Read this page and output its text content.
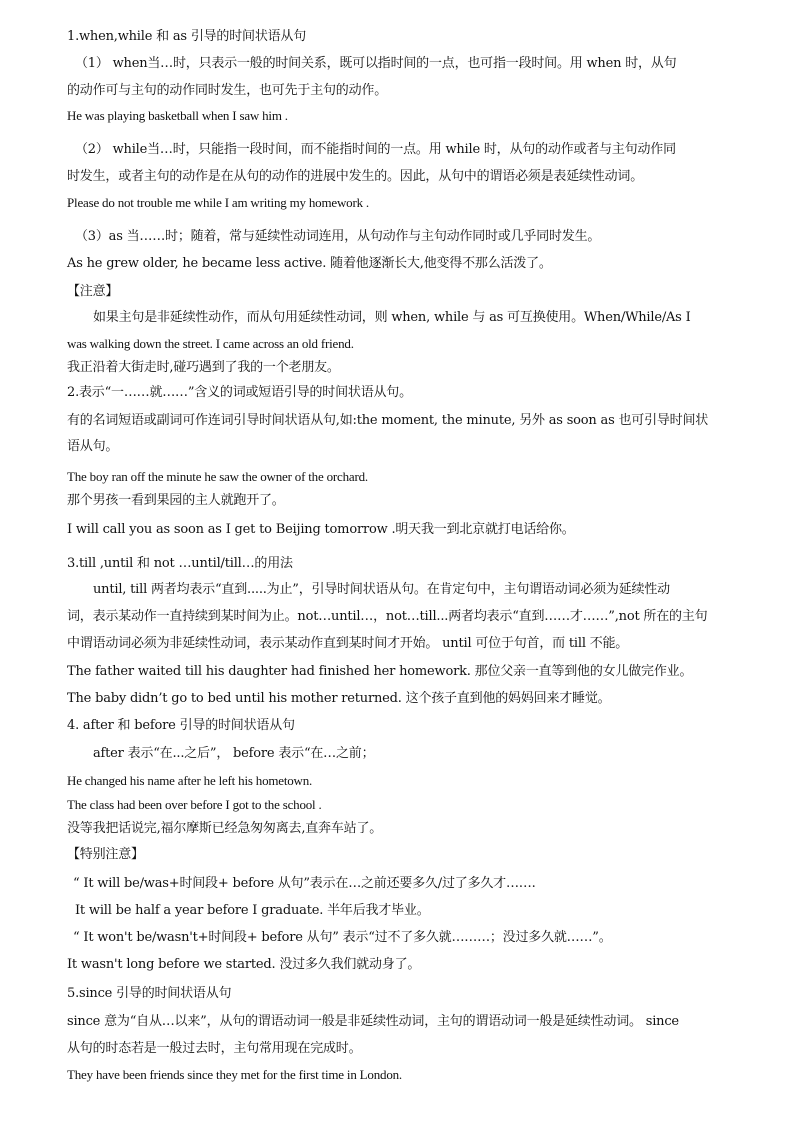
1.when,while 和 as 引导的时间状语从句
（1） when当…时，只表示一般的时间关系，既可以指时间的一点，也可指一段时间。用 when 时，从句
的动作可与主句的动作同时发生，也可先于主句的动作。
He was playing basketball when I saw him .
（2） while当…时，只能指一段时间，而不能指时间的一点。用 while 时，从句的动作或者与主句动作同
时发生，或者主句的动作是在从句的动作的进展中发生的。因此，从句中的谓语必须是表延续性动词。
Please do not trouble me while I am writing my homework .
（3）as 当……时；随着，常与延续性动词连用，从句动作与主句动作同时或几乎同时发生。
As he grew older, he became less active. 随着他逐渐长大,他变得不那么活泼了。
【注意】
如果主句是非延续性动作，而从句用延续性动词，则 when, while 与 as 可互换使用。When/While/As I
was walking down the street. I came across an old friend.
我正沿着大街走时,碰巧遇到了我的一个老朋友。
2.表示“一……就……”含义的词或短语引导的时间状语从句。
有的名词短语或副词可作连词引导时间状语从句,如:the moment, the minute, 另外 as soon as 也可引导时间状
语从句。
The boy ran off the minute he saw the owner of the orchard.
那个男孩一看到果园的主人就跑开了。
I will call you as soon as I get to Beijing tomorrow .明天我一到北京就打电话给你。
3.till ,until 和 not …until/till…的用法
until, till 两者均表示“直到.....为止”，引导时间状语从句。在肯定句中，主句谓语动词必须为延续性动
词，表示某动作一直持续到某时间为止。not…until…，not…till...两者均表示“直到……才……”,not 所在的主句
中谓语动词必须为非延续性动词，表示某动作直到某时间才开始。 until 可位于句首，而 till 不能。
The father waited till his daughter had finished her homework. 那位父亲一直等到他的女儿做完作业。
The baby didn’t go to bed until his mother returned. 这个孩子直到他的妈妈回来才睡觉。
4. after 和 before 引导的时间状语从句
after 表示“在...之后”， before 表示“在…之前；
He changed his name after he left his hometown.
The class had been over before I got to the school .
没等我把话说完,福尔摩斯已经急匆匆离去,直奔车站了。
【特别注意】
“ It will be/was+时间段+ before 从句”表示在…之前还要多久/过了多久才…….
It will be half a year before I graduate. 半年后我才毕业。
“ It won't be/wasn't+时间段+ before 从句” 表示“过不了多久就………；没过多久就……”。
It wasn't long before we started. 没过多久我们就动身了。
5.since 引导的时间状语从句
since 意为“自从…以来”，从句的谓语动词一般是非延续性动词，主句的谓语动词一般是延续性动词。 since
从句的时态若是一般过去时，主句常用现在完成时。
They have been friends since they met for the first time in London.
